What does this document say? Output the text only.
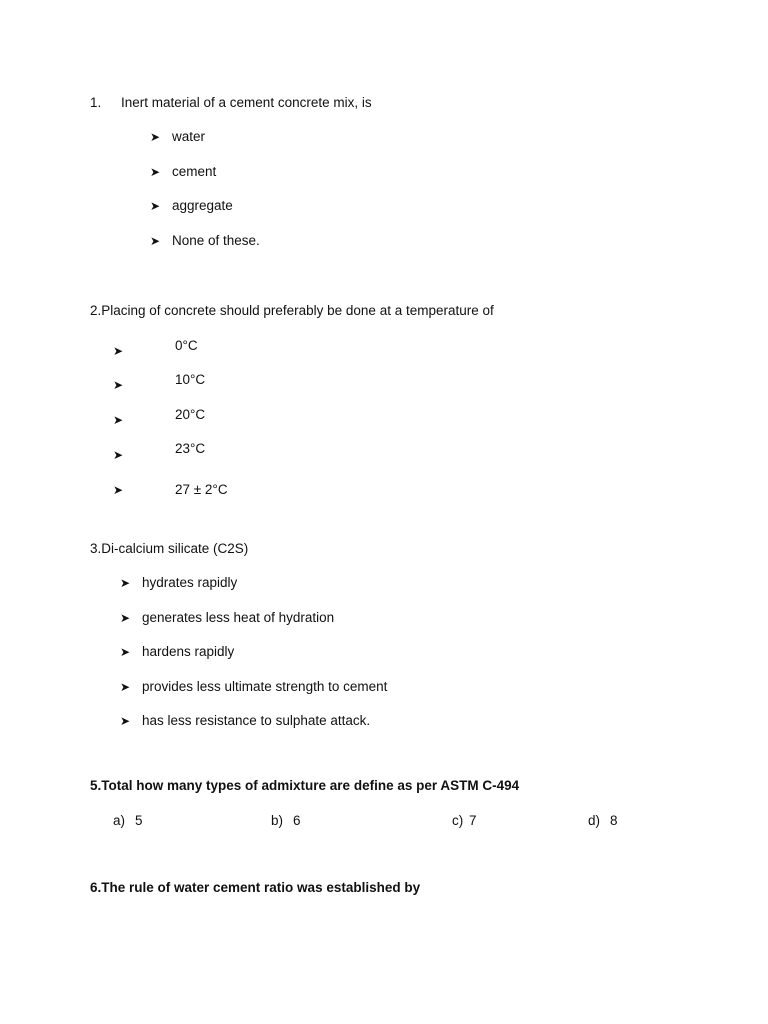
1. Inert material of a cement concrete mix, is
➤ water
➤ cement
➤ aggregate
➤ None of these.
2.Placing of concrete should preferably be done at a temperature of
➤	0°C
➤	10°C
➤	20°C
➤	23°C
➤	27 ± 2°C
3.Di-calcium silicate (C2S)
➤ hydrates rapidly
➤ generates less heat of hydration
➤ hardens rapidly
➤ provides less ultimate strength to cement
➤ has less resistance to sulphate attack.
5.Total how many types of admixture are define as per ASTM C-494
a) 5	b) 6	c) 7	d) 8
6.The rule of water cement ratio was established by
